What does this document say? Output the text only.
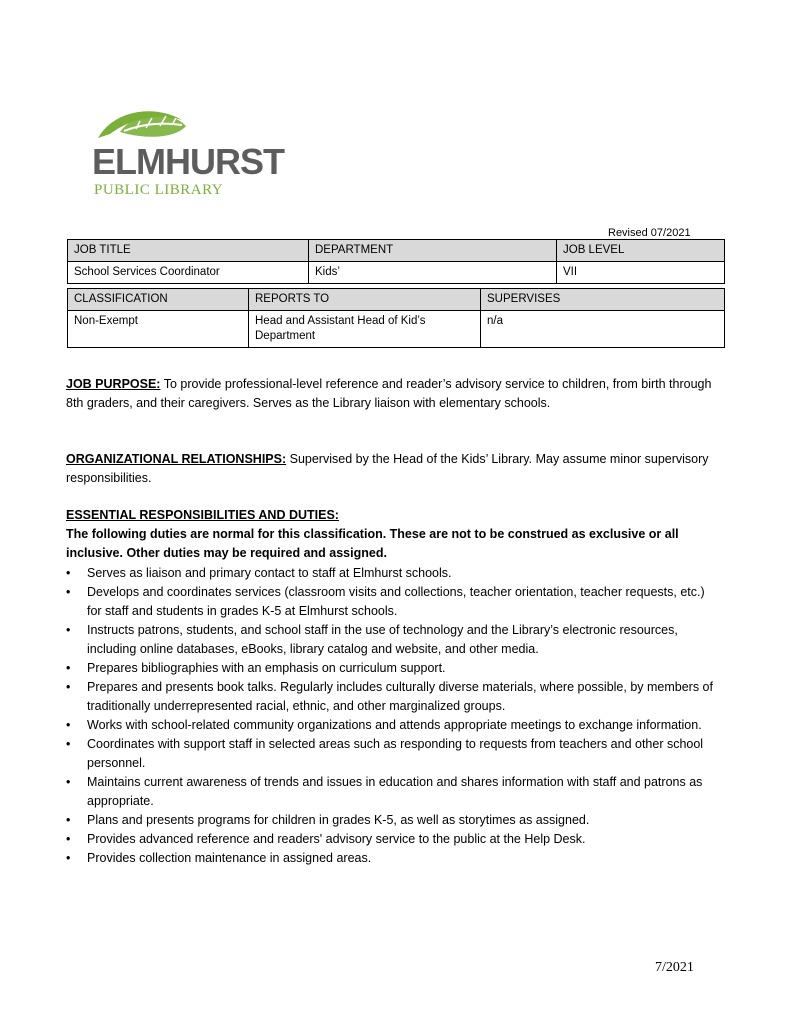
ELMHURST
PUBLIC LIBRARY
Revised 07/2021
JOB TITLE	DEPARTMENT	JOB LEVEL
School Services Coordinator	Kids’	VII
CLASSIFICATION	REPORTS TO	SUPERVISES
Non-Exempt	Head and Assistant Head of Kid’s Department	n/a
JOB PURPOSE: To provide professional-level reference and reader’s advisory service to children, from birth through 8th graders, and their caregivers. Serves as the Library liaison with elementary schools.
ORGANIZATIONAL RELATIONSHIPS: Supervised by the Head of the Kids’ Library. May assume minor supervisory responsibilities.
ESSENTIAL RESPONSIBILITIES AND DUTIES:
The following duties are normal for this classification. These are not to be construed as exclusive or all inclusive. Other duties may be required and assigned.
• Serves as liaison and primary contact to staff at Elmhurst schools.
• Develops and coordinates services (classroom visits and collections, teacher orientation, teacher requests, etc.) for staff and students in grades K-5 at Elmhurst schools.
• Instructs patrons, students, and school staff in the use of technology and the Library’s electronic resources, including online databases, eBooks, library catalog and website, and other media.
• Prepares bibliographies with an emphasis on curriculum support.
• Prepares and presents book talks. Regularly includes culturally diverse materials, where possible, by members of traditionally underrepresented racial, ethnic, and other marginalized groups.
• Works with school-related community organizations and attends appropriate meetings to exchange information.
• Coordinates with support staff in selected areas such as responding to requests from teachers and other school personnel.
• Maintains current awareness of trends and issues in education and shares information with staff and patrons as appropriate.
• Plans and presents programs for children in grades K-5, as well as storytimes as assigned.
• Provides advanced reference and readers' advisory service to the public at the Help Desk.
• Provides collection maintenance in assigned areas.
7/2021
